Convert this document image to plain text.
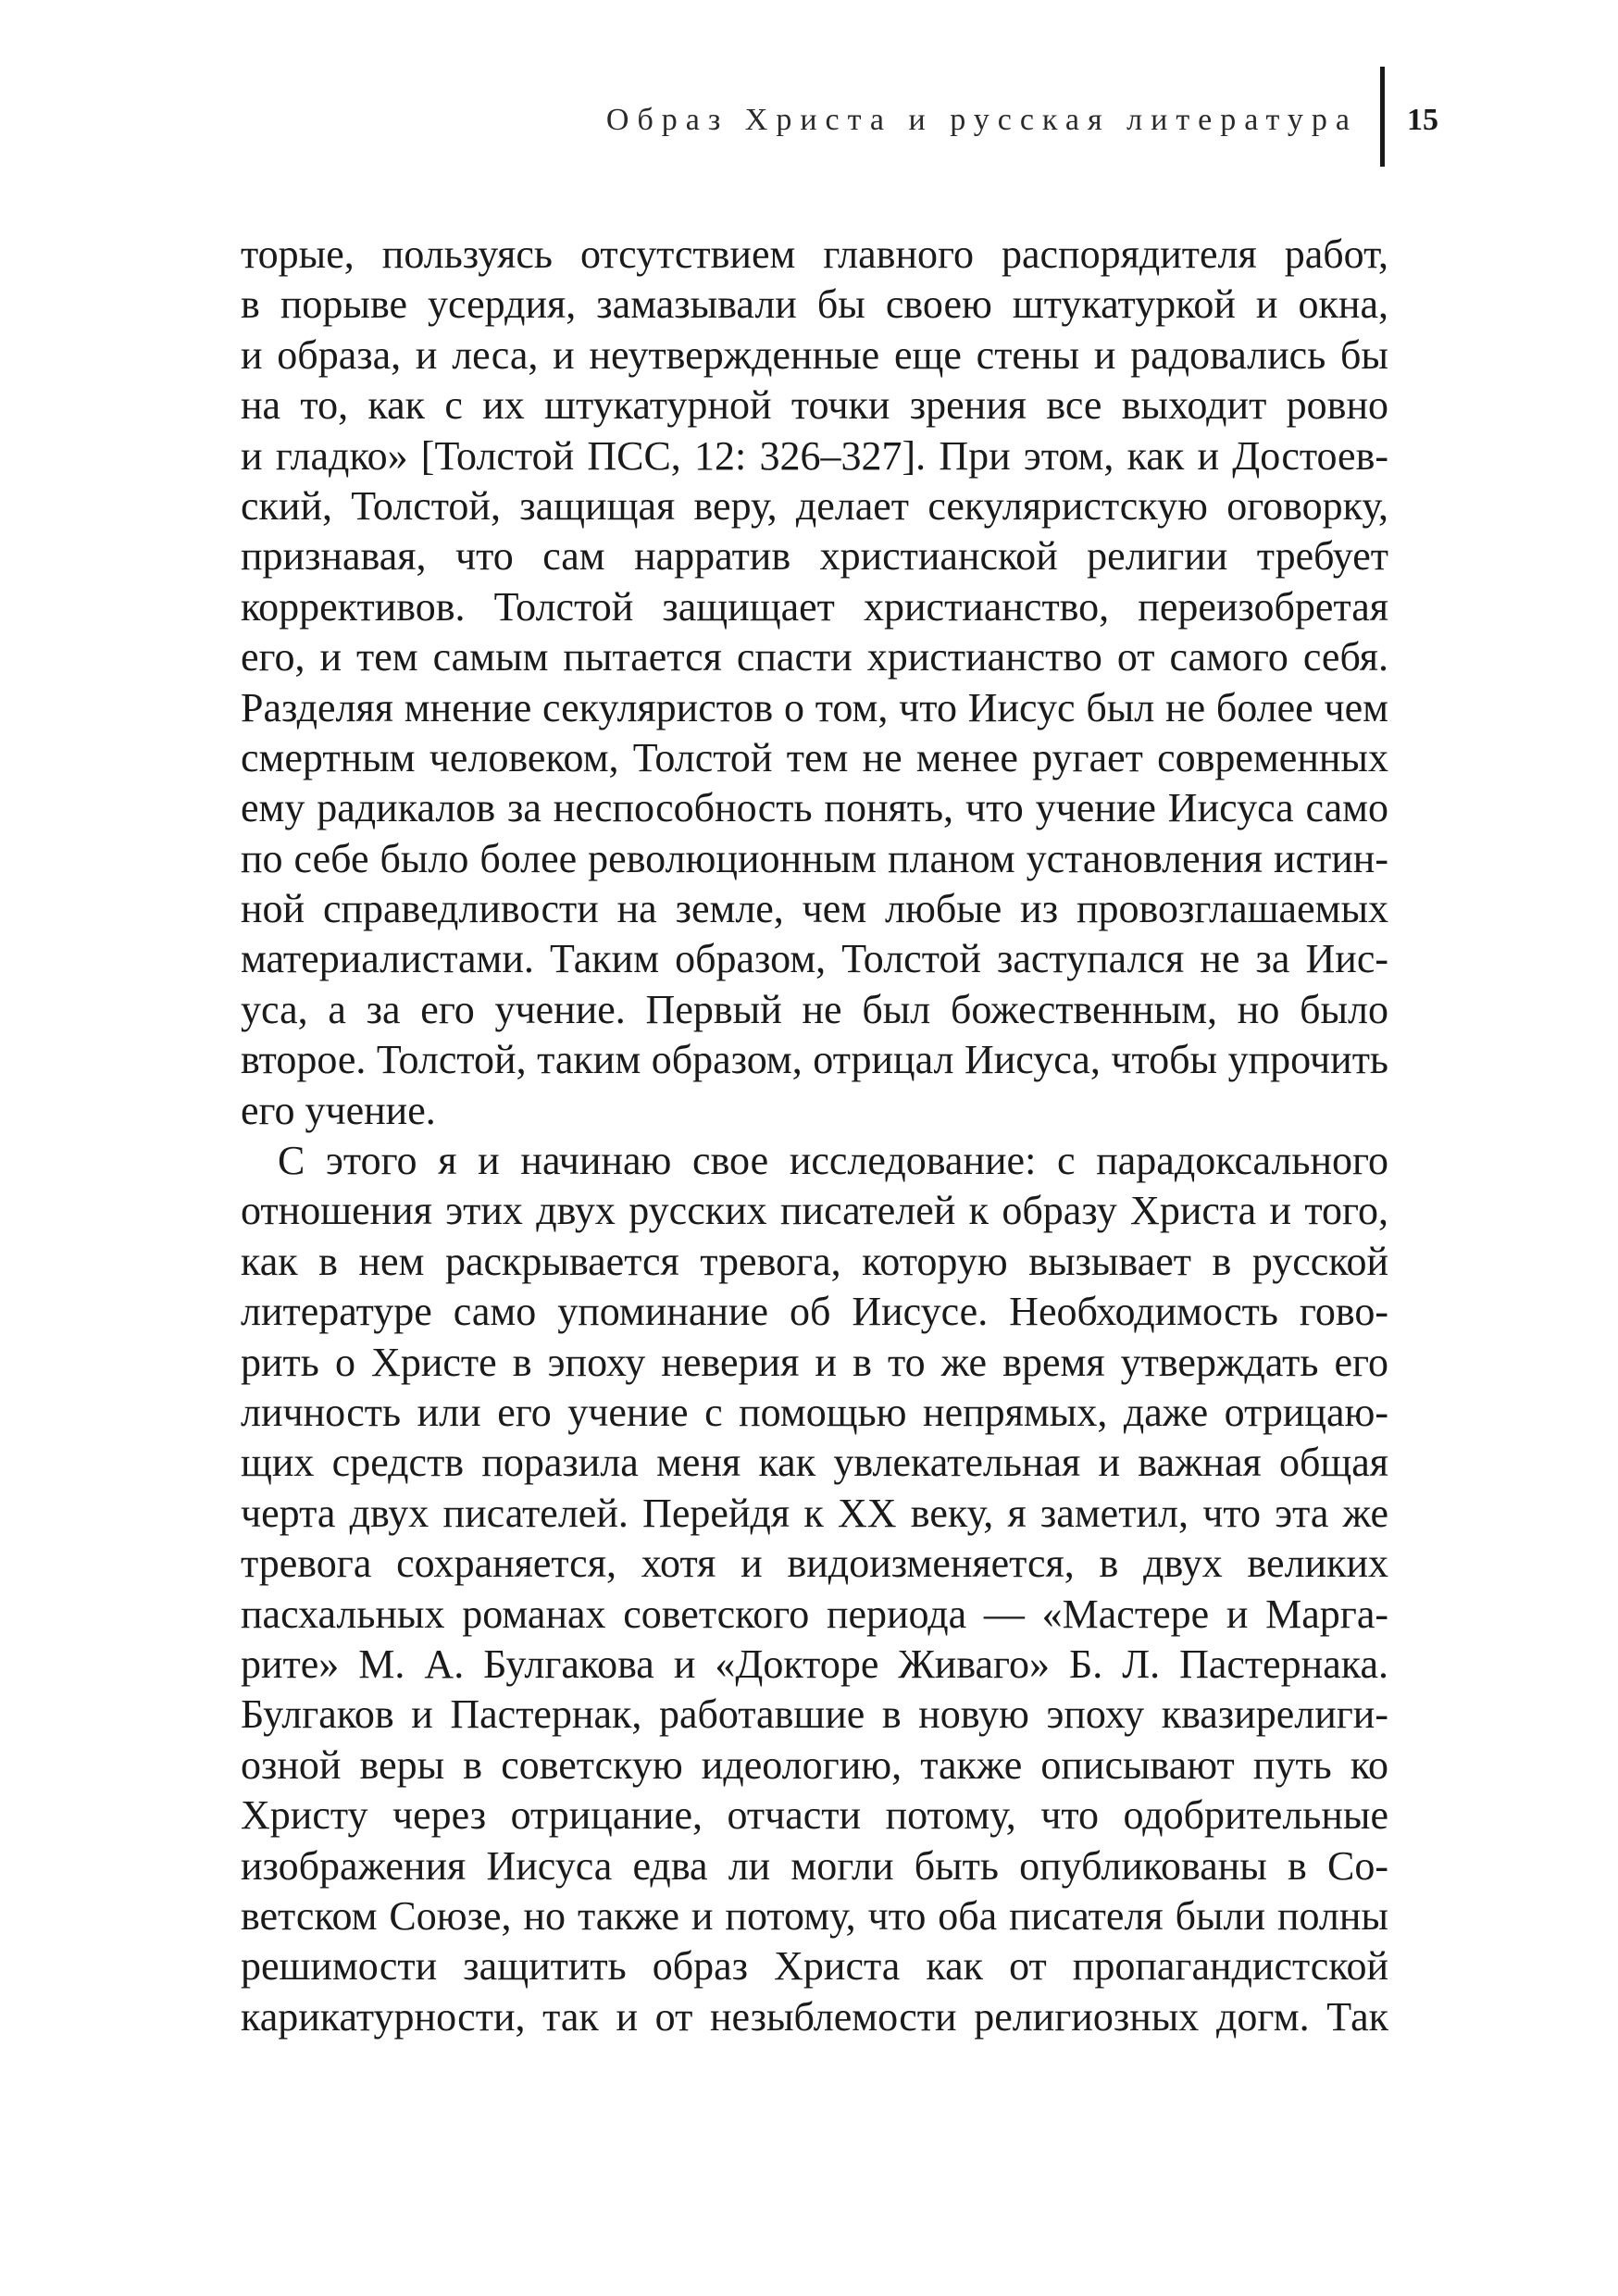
Образ Христа и русская литература 15
торые, пользуясь отсутствием главного распорядителя работ,
в порыве усердия, замазывали бы своею штукатуркой и окна,
и образа, и леса, и неутвержденные еще стены и радовались бы
на то, как с их штукатурной точки зрения все выходит ровно
и гладко» [Толстой ПСС, 12: 326–327]. При этом, как и Достоев-
ский, Толстой, защищая веру, делает секуляристскую оговорку,
признавая, что сам нарратив христианской религии требует
коррективов. Толстой защищает христианство, переизобретая
его, и тем самым пытается спасти христианство от самого себя.
Разделяя мнение секуляристов о том, что Иисус был не более чем
смертным человеком, Толстой тем не менее ругает современных
ему радикалов за неспособность понять, что учение Иисуса само
по себе было более революционным планом установления истин-
ной справедливости на земле, чем любые из провозглашаемых
материалистами. Таким образом, Толстой заступался не за Иис-
уса, а за его учение. Первый не был божественным, но было
второе. Толстой, таким образом, отрицал Иисуса, чтобы упрочить
его учение.
С этого я и начинаю свое исследование: с парадоксального
отношения этих двух русских писателей к образу Христа и того,
как в нем раскрывается тревога, которую вызывает в русской
литературе само упоминание об Иисусе. Необходимость гово-
рить о Христе в эпоху неверия и в то же время утверждать его
личность или его учение с помощью непрямых, даже отрицаю-
щих средств поразила меня как увлекательная и важная общая
черта двух писателей. Перейдя к XX веку, я заметил, что эта же
тревога сохраняется, хотя и видоизменяется, в двух великих
пасхальных романах советского периода — «Мастере и Марга-
рите» М. А. Булгакова и «Докторе Живаго» Б. Л. Пастернака.
Булгаков и Пастернак, работавшие в новую эпоху квазирелиги-
озной веры в советскую идеологию, также описывают путь ко
Христу через отрицание, отчасти потому, что одобрительные
изображения Иисуса едва ли могли быть опубликованы в Со-
ветском Союзе, но также и потому, что оба писателя были полны
решимости защитить образ Христа как от пропагандистской
карикатурности, так и от незыблемости религиозных догм. Так
